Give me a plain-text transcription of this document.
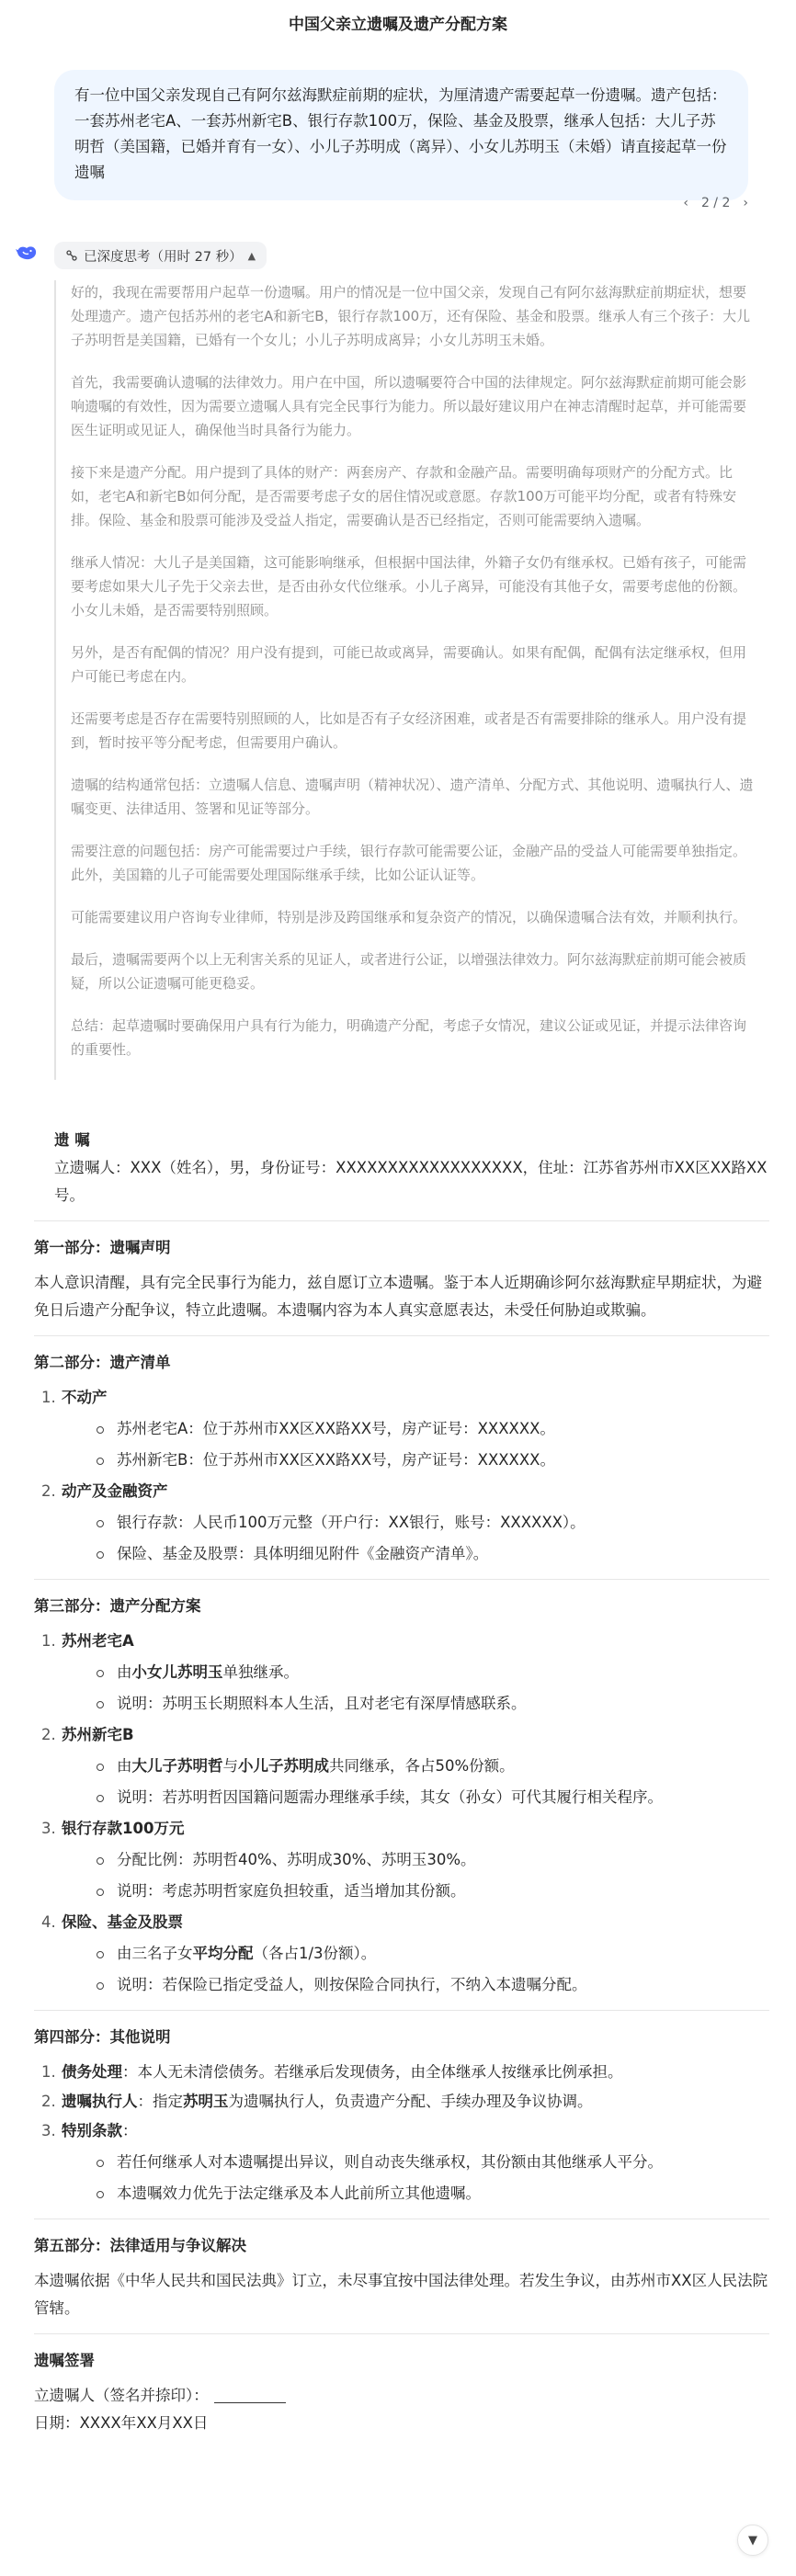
中国父亲立遗嘱及遗产分配方案
有一位中国父亲发现自己有阿尔兹海默症前期的症状，为厘清遗产需要起草一份遗嘱。遗产包括：一套苏州老宅A、一套苏州新宅B、银行存款100万，保险、基金及股票，继承人包括：大儿子苏明哲（美国籍，已婚并育有一女）、小儿子苏明成（离异）、小女儿苏明玉（未婚）请直接起草一份遗嘱
‹ 2 / 2 ›
已深度思考（用时 27 秒） ▲

好的，我现在需要帮用户起草一份遗嘱。用户的情况是一位中国父亲，发现自己有阿尔兹海默症前期症状，想要处理遗产。遗产包括苏州的老宅A和新宅B，银行存款100万，还有保险、基金和股票。继承人有三个孩子：大儿子苏明哲是美国籍，已婚有一个女儿；小儿子苏明成离异；小女儿苏明玉未婚。

首先，我需要确认遗嘱的法律效力。用户在中国，所以遗嘱要符合中国的法律规定。阿尔兹海默症前期可能会影响遗嘱的有效性，因为需要立遗嘱人具有完全民事行为能力。所以最好建议用户在神志清醒时起草，并可能需要医生证明或见证人，确保他当时具备行为能力。

接下来是遗产分配。用户提到了具体的财产：两套房产、存款和金融产品。需要明确每项财产的分配方式。比如，老宅A和新宅B如何分配，是否需要考虑子女的居住情况或意愿。存款100万可能平均分配，或者有特殊安排。保险、基金和股票可能涉及受益人指定，需要确认是否已经指定，否则可能需要纳入遗嘱。

继承人情况：大儿子是美国籍，这可能影响继承，但根据中国法律，外籍子女仍有继承权。已婚有孩子，可能需要考虑如果大儿子先于父亲去世，是否由孙女代位继承。小儿子离异，可能没有其他子女，需要考虑他的份额。小女儿未婚，是否需要特别照顾。

另外，是否有配偶的情况？用户没有提到，可能已故或离异，需要确认。如果有配偶，配偶有法定继承权，但用户可能已考虑在内。

还需要考虑是否存在需要特别照顾的人，比如是否有子女经济困难，或者是否有需要排除的继承人。用户没有提到，暂时按平等分配考虑，但需要用户确认。

遗嘱的结构通常包括：立遗嘱人信息、遗嘱声明（精神状况）、遗产清单、分配方式、其他说明、遗嘱执行人、遗嘱变更、法律适用、签署和见证等部分。

需要注意的问题包括：房产可能需要过户手续，银行存款可能需要公证，金融产品的受益人可能需要单独指定。此外，美国籍的儿子可能需要处理国际继承手续，比如公证认证等。

可能需要建议用户咨询专业律师，特别是涉及跨国继承和复杂资产的情况，以确保遗嘱合法有效，并顺利执行。

最后，遗嘱需要两个以上无利害关系的见证人，或者进行公证，以增强法律效力。阿尔兹海默症前期可能会被质疑，所以公证遗嘱可能更稳妥。

总结：起草遗嘱时要确保用户具有行为能力，明确遗产分配，考虑子女情况，建议公证或见证，并提示法律咨询的重要性。

遗 嘱
立遗嘱人：XXX（姓名），男，身份证号：XXXXXXXXXXXXXXXXXX，住址：江苏省苏州市XX区XX路XX号。
第一部分：遗嘱声明
本人意识清醒，具有完全民事行为能力，兹自愿订立本遗嘱。鉴于本人近期确诊阿尔兹海默症早期症状，为避免日后遗产分配争议，特立此遗嘱。本遗嘱内容为本人真实意愿表达，未受任何胁迫或欺骗。
第二部分：遗产清单
1. 不动产
苏州老宅A：位于苏州市XX区XX路XX号，房产证号：XXXXXX。
苏州新宅B：位于苏州市XX区XX路XX号，房产证号：XXXXXX。
2. 动产及金融资产
银行存款：人民币100万元整（开户行：XX银行，账号：XXXXXX）。
保险、基金及股票：具体明细见附件《金融资产清单》。
第三部分：遗产分配方案
1. 苏州老宅A
由小女儿苏明玉单独继承。
说明：苏明玉长期照料本人生活，且对老宅有深厚情感联系。
2. 苏州新宅B
由大儿子苏明哲与小儿子苏明成共同继承，各占50%份额。
说明：若苏明哲因国籍问题需办理继承手续，其女（孙女）可代其履行相关程序。
3. 银行存款100万元
分配比例：苏明哲40%、苏明成30%、苏明玉30%。
说明：考虑苏明哲家庭负担较重，适当增加其份额。
4. 保险、基金及股票
由三名子女平均分配（各占1/3份额）。
说明：若保险已指定受益人，则按保险合同执行，不纳入本遗嘱分配。
第四部分：其他说明
1. 债务处理：本人无未清偿债务。若继承后发现债务，由全体继承人按继承比例承担。
2. 遗嘱执行人：指定苏明玉为遗嘱执行人，负责遗产分配、手续办理及争议协调。
3. 特别条款：
若任何继承人对本遗嘱提出异议，则自动丧失继承权，其份额由其他继承人平分。
本遗嘱效力优先于法定继承及本人此前所立其他遗嘱。
第五部分：法律适用与争议解决
本遗嘱依据《中华人民共和国民法典》订立，未尽事宜按中国法律处理。若发生争议，由苏州市XX区人民法院管辖。
遗嘱签署
立遗嘱人（签名并捺印）：
日期：XXXX年XX月XX日
▼
